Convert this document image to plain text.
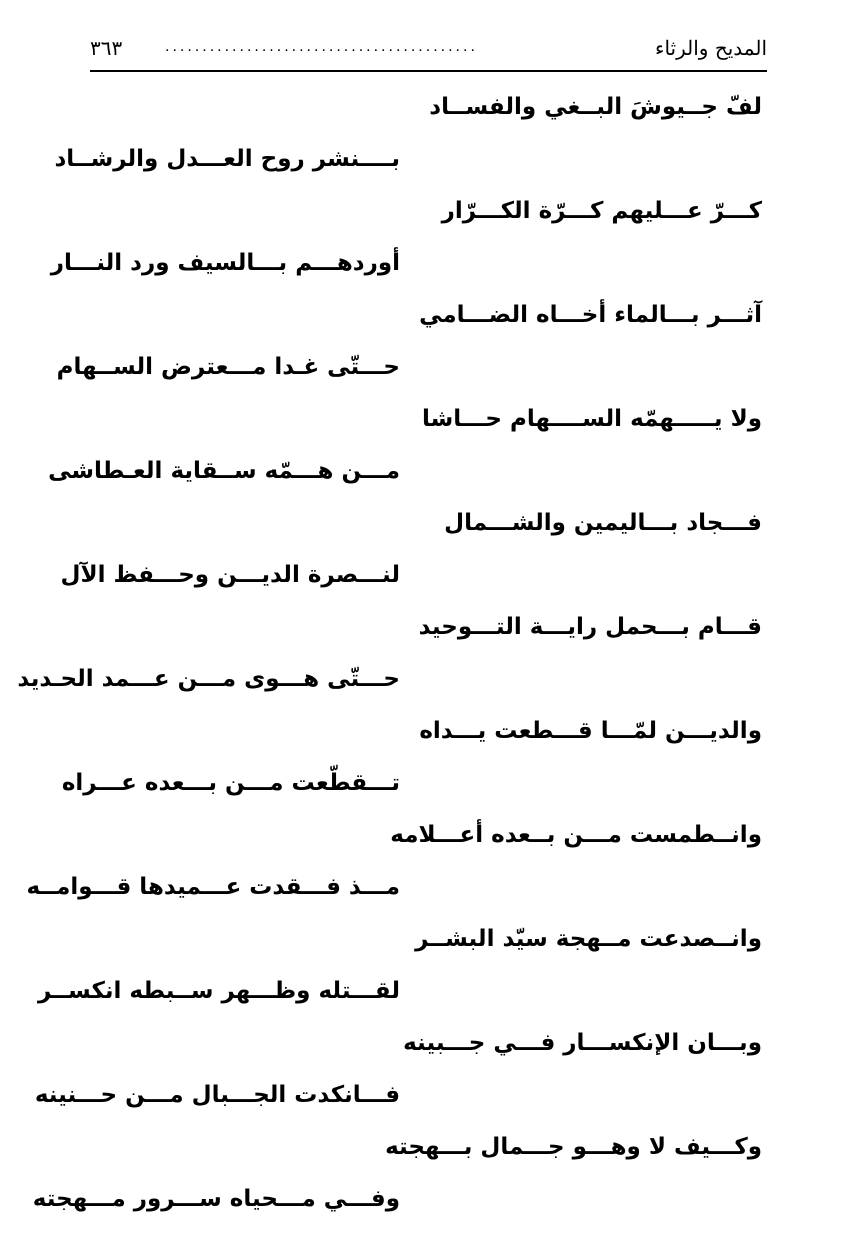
المديح والرثاء
..........................................
٣٦٣
لفّ جــيوشَ البــغي والفســاد
بــــنشر روح العـــدل والرشــاد
كـــرّ عـــليهم كـــرّة الكـــرّار
أوردهـــم بـــالسيف ورد النـــار
آثـــر بـــالماء أخـــاه الضـــامي
حـــتّى غـدا مـــعترض الســهام
ولا يـــــهمّه الســــهام حـــاشا
مـــن هـــمّه ســقاية العـطاشى
فـــجاد بـــاليمين والشـــمال
لنـــصرة الديـــن وحـــفظ الآل
قـــام بـــحمل رايـــة التـــوحيد
حـــتّى هـــوى مـــن عـــمد الحـديد
والديـــن لمّـــا قـــطعت يـــداه
تـــقطّعت مـــن بـــعده عـــراه
وانــطمست مـــن بــعده أعـــلامه
مـــذ فـــقدت عـــميدها قـــوامــه
وانــصدعت مــهجة سيّد البشــر
لقـــتله وظـــهر ســبطه انكســر
وبـــان الإنكســـار فـــي جـــبينه
فـــانكدت الجـــبال مـــن حـــنينه
وكـــيف لا وهـــو جـــمال بـــهجته
وفـــي مـــحياه ســـرور مـــهجته
